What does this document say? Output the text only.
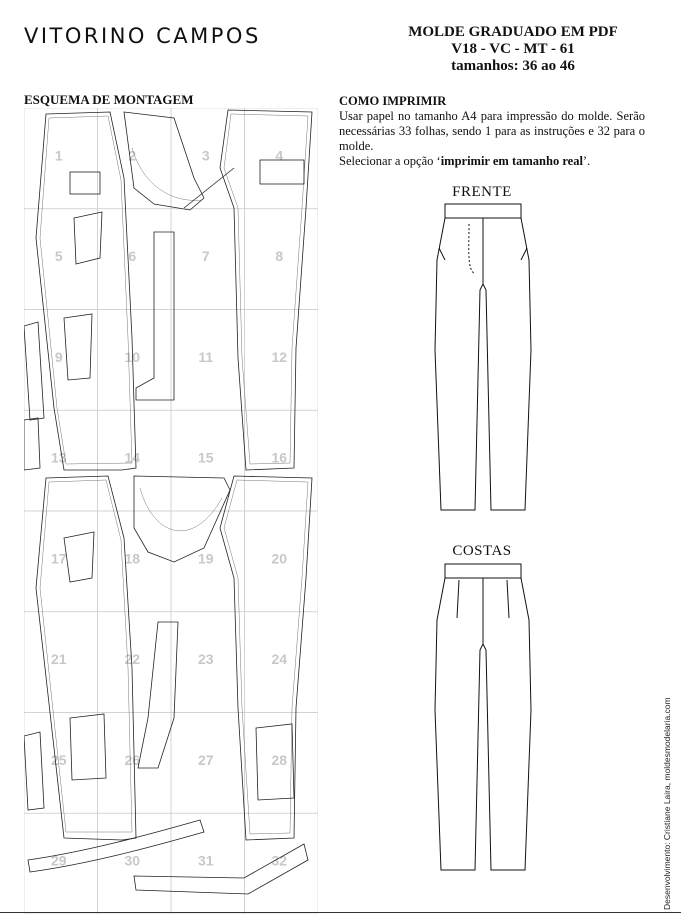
VITORINO CAMPOS	MOLDE GRADUADO EM PDF
V18 - VC - MT - 61
tamanhos: 36 ao 46
ESQUEMA DE MONTAGEM	COMO IMPRIMIR
Usar papel no tamanho A4 para impressão do molde. Serão necessárias 33 folhas, sendo 1 para as instruções e 32 para o molde.
Selecionar a opção ‘imprimir em tamanho real’.
1	2	3	4
5	6	7	8
9	10	11	12
13	14	15	16
17	18	19	20
21	22	23	24
25	26	27	28
29	30	31	32
FRENTE
COSTAS
Desenvolvimento: Cristiane Laira, moldesmodelaria.com
